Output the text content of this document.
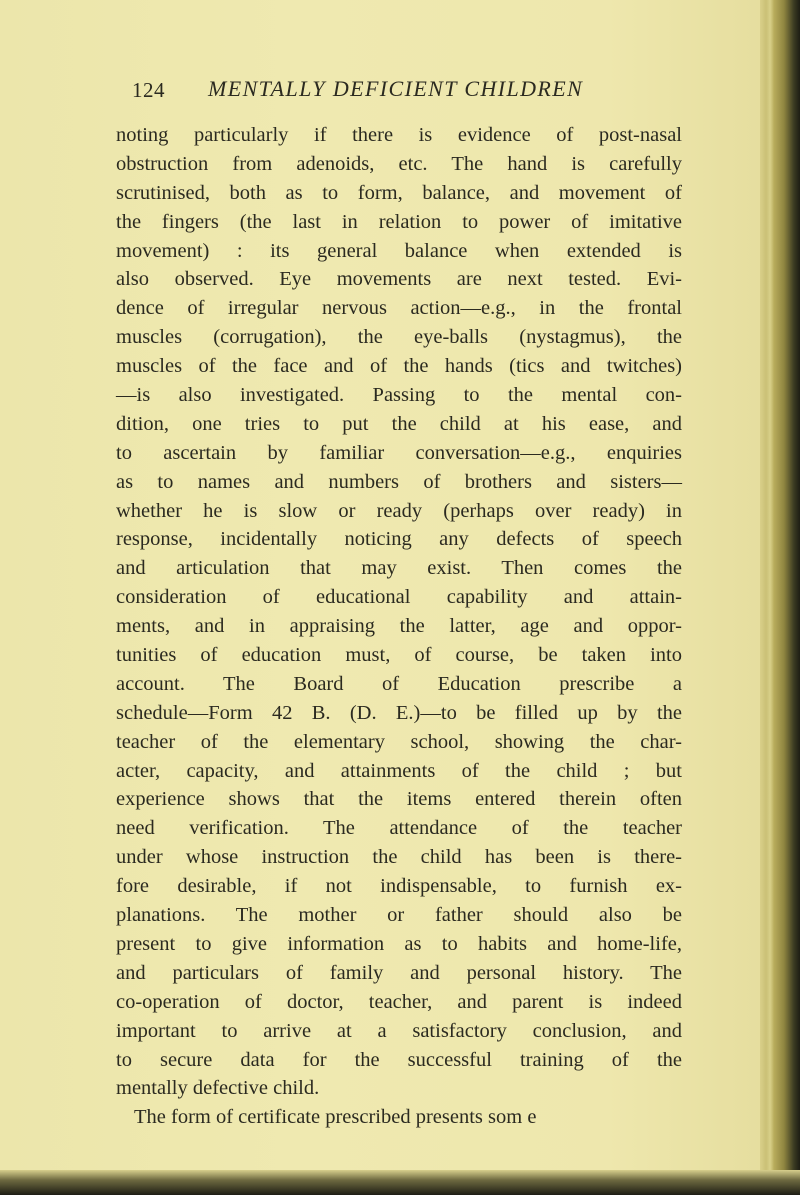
124 MENTALLY DEFICIENT CHILDREN
noting particularly if there is evidence of post-nasal
obstruction from adenoids, etc. The hand is carefully
scrutinised, both as to form, balance, and movement of
the fingers (the last in relation to power of imitative
movement) : its general balance when extended is
also observed. Eye movements are next tested. Evi-
dence of irregular nervous action—e.g., in the frontal
muscles (corrugation), the eye-balls (nystagmus), the
muscles of the face and of the hands (tics and twitches)
—is also investigated. Passing to the mental con-
dition, one tries to put the child at his ease, and
to ascertain by familiar conversation—e.g., enquiries
as to names and numbers of brothers and sisters—
whether he is slow or ready (perhaps over ready) in
response, incidentally noticing any defects of speech
and articulation that may exist. Then comes the
consideration of educational capability and attain-
ments, and in appraising the latter, age and oppor-
tunities of education must, of course, be taken into
account. The Board of Education prescribe a
schedule—Form 42 B. (D. E.)—to be filled up by the
teacher of the elementary school, showing the char-
acter, capacity, and attainments of the child ; but
experience shows that the items entered therein often
need verification. The attendance of the teacher
under whose instruction the child has been is there-
fore desirable, if not indispensable, to furnish ex-
planations. The mother or father should also be
present to give information as to habits and home-life,
and particulars of family and personal history. The
co-operation of doctor, teacher, and parent is indeed
important to arrive at a satisfactory conclusion, and
to secure data for the successful training of the
mentally defective child.
The form of certificate prescribed presents som e
